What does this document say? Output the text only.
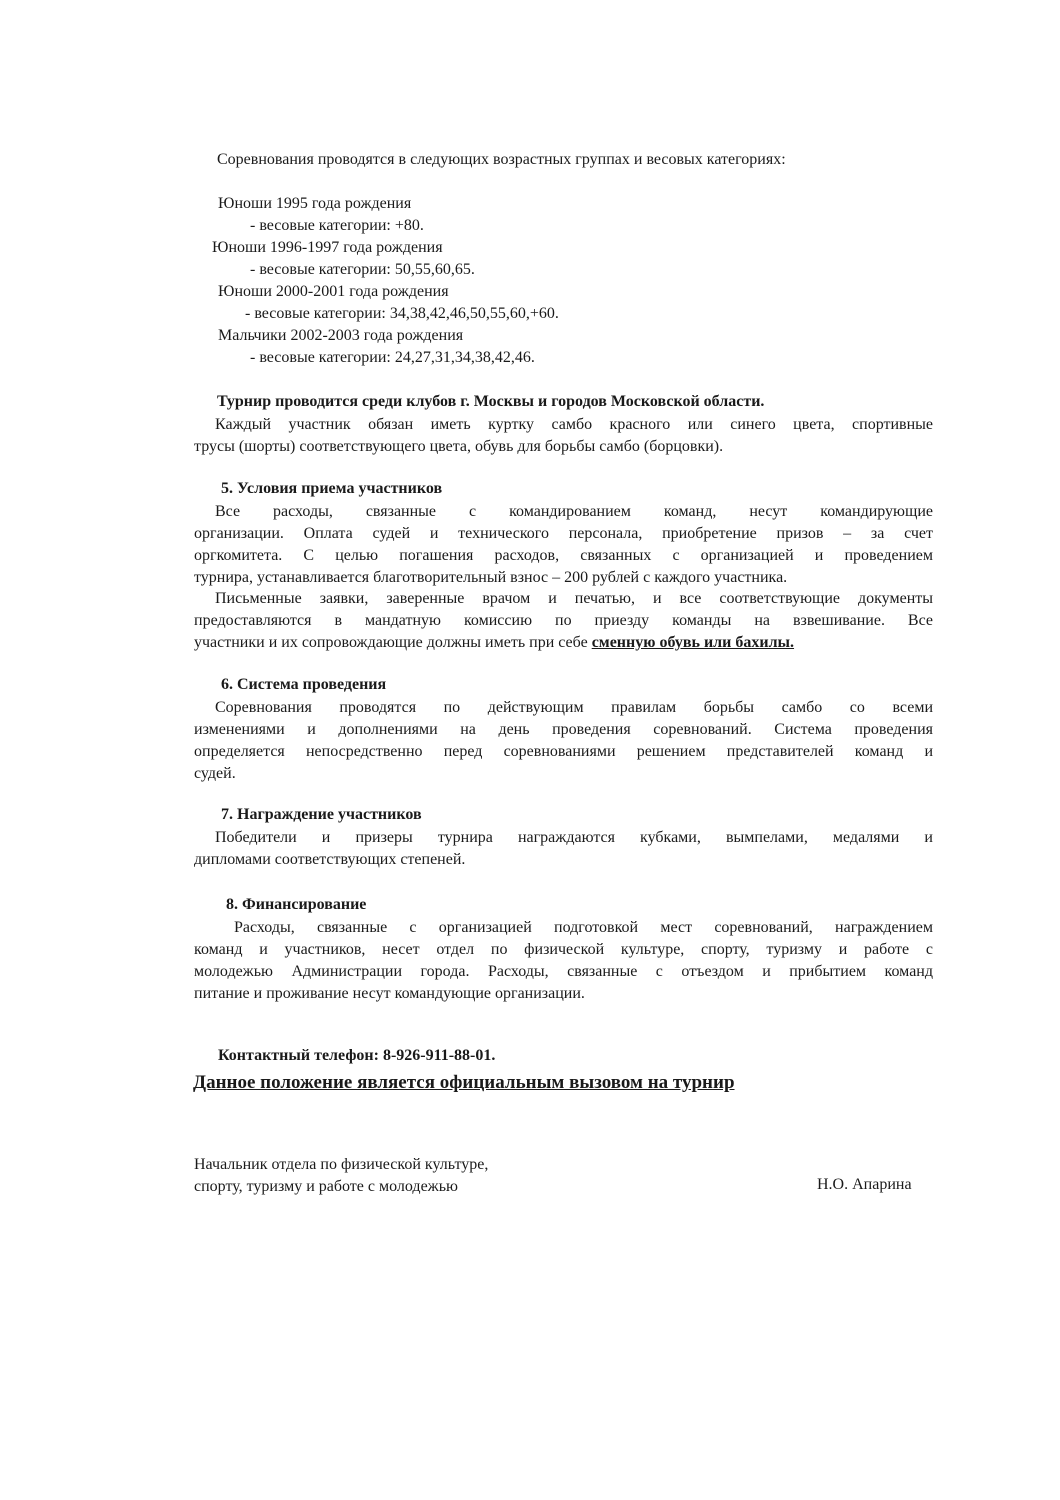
Соревнования проводятся в следующих возрастных группах и весовых категориях:
Юноши 1995 года рождения
- весовые категории: +80.
Юноши 1996-1997 года рождения
- весовые категории: 50,55,60,65.
Юноши 2000-2001 года рождения
- весовые категории: 34,38,42,46,50,55,60,+60.
Мальчики 2002-2003 года рождения
- весовые категории: 24,27,31,34,38,42,46.
Турнир проводится среди клубов г. Москвы и городов Московской области.
Каждый участник обязан иметь куртку самбо красного или синего цвета, спортивные
трусы (шорты) соответствующего цвета, обувь для борьбы самбо (борцовки).
5. Условия приема участников
Все расходы, связанные с командированием команд, несут командирующие
организации. Оплата судей и технического персонала, приобретение призов – за счет
оргкомитета. С целью погашения расходов, связанных с организацией и проведением
турнира, устанавливается благотворительный взнос – 200 рублей с каждого участника.
Письменные заявки, заверенные врачом и печатью, и все соответствующие документы
предоставляются в мандатную комиссию по приезду команды на взвешивание. Все
участники и их сопровождающие должны иметь при себе сменную обувь или бахилы.
6. Система проведения
Соревнования проводятся по действующим правилам борьбы самбо со всеми
изменениями и дополнениями на день проведения соревнований. Система проведения
определяется непосредственно перед соревнованиями решением представителей команд и
судей.
7. Награждение участников
Победители и призеры турнира награждаются кубками, вымпелами, медалями и
дипломами соответствующих степеней.
8. Финансирование
Расходы, связанные с организацией подготовкой мест соревнований, награждением
команд и участников, несет отдел по физической культуре, спорту, туризму и работе с
молодежью Администрации города. Расходы, связанные с отъездом и прибытием команд
питание и проживание несут командующие организации.
Контактный телефон: 8-926-911-88-01.
Данное положение является официальным вызовом на турнир
Начальник отдела по физической культуре,
спорту, туризму и работе с молодежью	Н.О. Апарина
